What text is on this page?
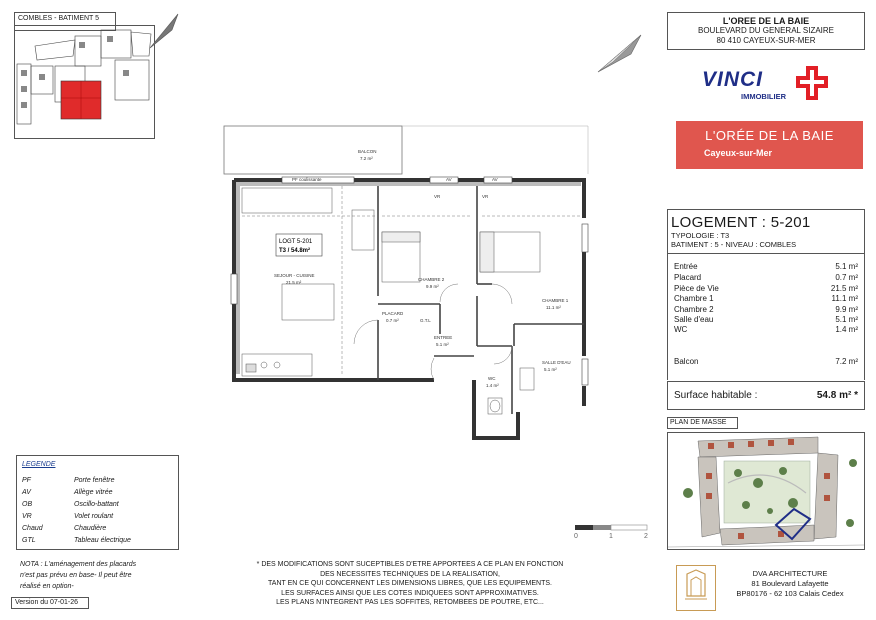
COMBLES - BATIMENT 5	L'OREE DE LA BAIE
BOULEVARD DU GENERAL SIZAIRE
80 410 CAYEUX-SUR-MER
VINCI
IMMOBILIER
L'ORÉE DE LA BAIE
Cayeux-sur-Mer
LOGEMENT : 5-201
TYPOLOGIE : T3
BATIMENT : 5 - NIVEAU : COMBLES
Entrée	5.1 m²
Placard	0.7 m²
Pièce de Vie	21.5 m²
Chambre 1	11.1 m²
Chambre 2	9.9 m²
Salle d'eau	5.1 m²
WC	1.4 m²
Balcon	7.2 m²
Surface habitable :	54.8 m² *
PLAN DE MASSE
BALCON
7.2 m²
PF coulissante	AV	AV
VR	VR
LOGT 5-201
T3 / 54.8m²
SEJOUR - CUISINE
21.5 m²
CHAMBRE 2
9.9 m²
CHAMBRE 1
11.1 m²
PLACARD
0.7 m²	G.T.L
ENTREE
5.1 m²
WC
1.4 m²
SALLE D'EAU
5.1 m²
LEGENDE
PF	Porte fenêtre
AV	Allège vitrée
OB	Oscillo-battant
VR	Volet roulant
Chaud	Chaudière
GTL	Tableau électrique
NOTA : L'aménagement des placards
n'est pas prévu en base- Il peut être
réalisé en option-
Version du 07-01-26
* DES MODIFICATIONS SONT SUCEPTIBLES D'ETRE APPORTEES A CE PLAN EN FONCTION
DES NECESSITES TECHNIQUES DE LA REALISATION,
TANT EN CE QUI CONCERNENT LES DIMENSIONS LIBRES, QUE LES EQUIPEMENTS.
LES SURFACES AINSI QUE LES COTES INDIQUEES SONT APPROXIMATIVES.
LES PLANS N'INTEGRENT PAS LES SOFFITES, RETOMBEES DE POUTRE, ETC...
0	1	2
DVA ARCHITECTURE
81 Boulevard Lafayette
BP80176 - 62 103 Calais Cedex
